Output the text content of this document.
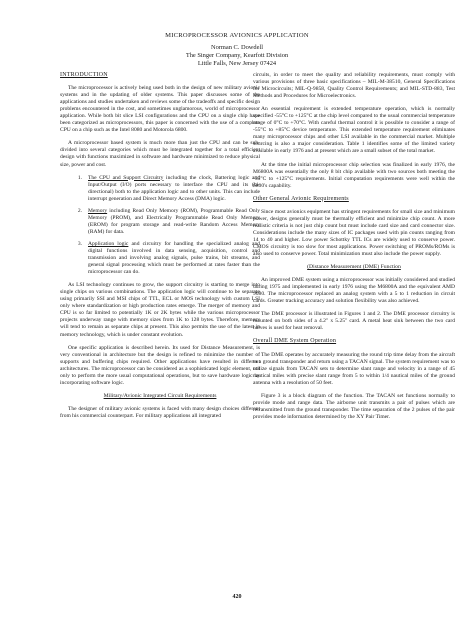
MICROPROCESSOR AVIONICS APPLICATION
Norman C. Dowdell
The Singer Company, Kearfott Division
Little Falls, New Jersey 07424
INTRODUCTION

The microprocessor is actively being used both in the design of new military avionic systems and in the updating of older systems. This paper discusses some of the applications and studies undertaken and reviews some of the tradeoffs and specific design problems encountered in the cost, and sometimes unglamorous, world of microprocessor application. While both bit slice LSI configurations and the CPU on a single chip have been categorized as microprocessors, this paper is concerned with the use of a complete CPU on a chip such as the Intel 8080 and Motorola 6800.

A microprocessor based system is much more than just the CPU and can be sub-divided into several categories which must be integrated together for a total efficient design with functions maximized in software and hardware minimized to reduce physical size, power and cost.

1.	The CPU and Support Circuitry including the clock, Battering logic and Input/Output (I/O) ports necessary to interface the CPU and its (bi-directional) both to the application logic and to other units. This can include interrupt generation and Direct Memory Access (DMA) logic.
2.	Memory including Read Only Memory (ROM), Programmable Read Only Memory (PROM), and Electrically Programmable Read Only Memory (EROM) for program storage and read-write Random Access Memory (RAM) for data.
3.	Application logic and circuitry for handling the specialized analog and digital functions involved in data sensing, acquisition, control and transmission and involving analog signals, pulse trains, bit streams, and general signal processing which must be performed at rates faster than the microprocessor can do.

As LSI technology continues to grow, the support circuitry is starting to merge into single chips on various combinations. The application logic will continue to be separate using primarily SSI and MSI chips of TTL, ECL or MOS technology with custom LSI only where standardization or high production rates emerge. The merger of memory and CPU is so far limited to potentially 1K or 2K bytes while the various microprocessor projects underway range with memory sizes from 1K to 128 bytes. Therefore, memory will tend to remain as separate chips at present. This also permits the use of the latest in memory technology, which is under constant evolution.

One specific application is described herein. Its used for Distance Measurement, is very conventional in architecture but the design is refined to minimize the number of supports and buffering chips required. Other applications have resulted in different architectures. The microprocessor can be considered as a sophisticated logic element, not only to perform the more usual computational operations, but to save hardware logic by incorporating software logic.

Military/Avionic Integrated Circuit Requirements

The designer of military avionic systems is faced with many design choices different from his commercial counterpart. For military applications all integrated

circuits, in order to meet the quality and reliability requirements, must comply with various provisions of three basic specifications – MIL-M-38510, General Specifications for Microcircuits; MIL-Q-9858, Quality Control Requirements; and MIL-STD-883, Test Methods and Procedures for Microelectronics.

An essential requirement is extended temperature operation, which is normally specified -55°C to +125°C at the chip level compared to the usual commercial temperature range of 0°C to +70°C. With careful thermal control it is possible to consider a range of -55°C to +85°C device temperature. This extended temperature requirement eliminates many microprocessor chips and other LSI available in the commercial market. Multiple sourcing is also a major consideration. Table 1 identifies some of the limited variety available in early 1976 and at present which are a small subset of the total market.

At the time the initial microprocessor chip selection was finalized in early 1976, the M6800A was essentially the only 8 bit chip available with two sources both meeting the -55°C to +125°C requirements. Initial computation requirements were well within the 6800's capability.

Other General Avionic Requirements

Since most avionics equipment has stringent requirements for small size and minimum power, designs generally must be thermally efficient and minimize chip count. A more realistic criteria is not just chip count but must include card size and card connector size. Considerations include the many sizes of IC packages used with pin counts ranging from 14 to 40 and higher. Low power Schottky TTL ICs are widely used to conserve power. CMOS circuitry is too slow for most applications. Power switching of PROMs/ROMs is also used to conserve power. Total minimization must also include the power supply.

(Distance Measurement (DME) Function

An improved DME system using a microprocessor was initially considered and studied during 1975 and implemented in early 1976 using the M6800A and the equivalent AMD 9080. The microprocessor replaced an analog system with a 5 to 1 reduction in circuit cards. Greater tracking accuracy and solution flexibility was also achieved.

The DME processor is illustrated in Figures 1 and 2. The DME processor circuitry is mounted on both sides of a 4.2" x 5.25" card. A metal heat sink between the two card halves is used for heat removal.

Overall DME System Operation

The DME operates by accurately measuring the round trip time delay from the aircraft to a ground transponder and return using a TACAN signal. The system requirement was to utilize signals from TACAN sets to determine slant range and velocity in a range of 45 nautical miles with precise slant range from 5 to within 1/4 nautical miles of the ground antenna with a resolution of 50 feet.

Figure 3 is a block diagram of the function. The TACAN set functions normally to provide mode and range data. The airborne unit transmits a pair of pulses which are retransmitted from the ground transponder. The time separation of the 2 pulses of the pair provides mode information determined by the XY Pair Timer.

420
